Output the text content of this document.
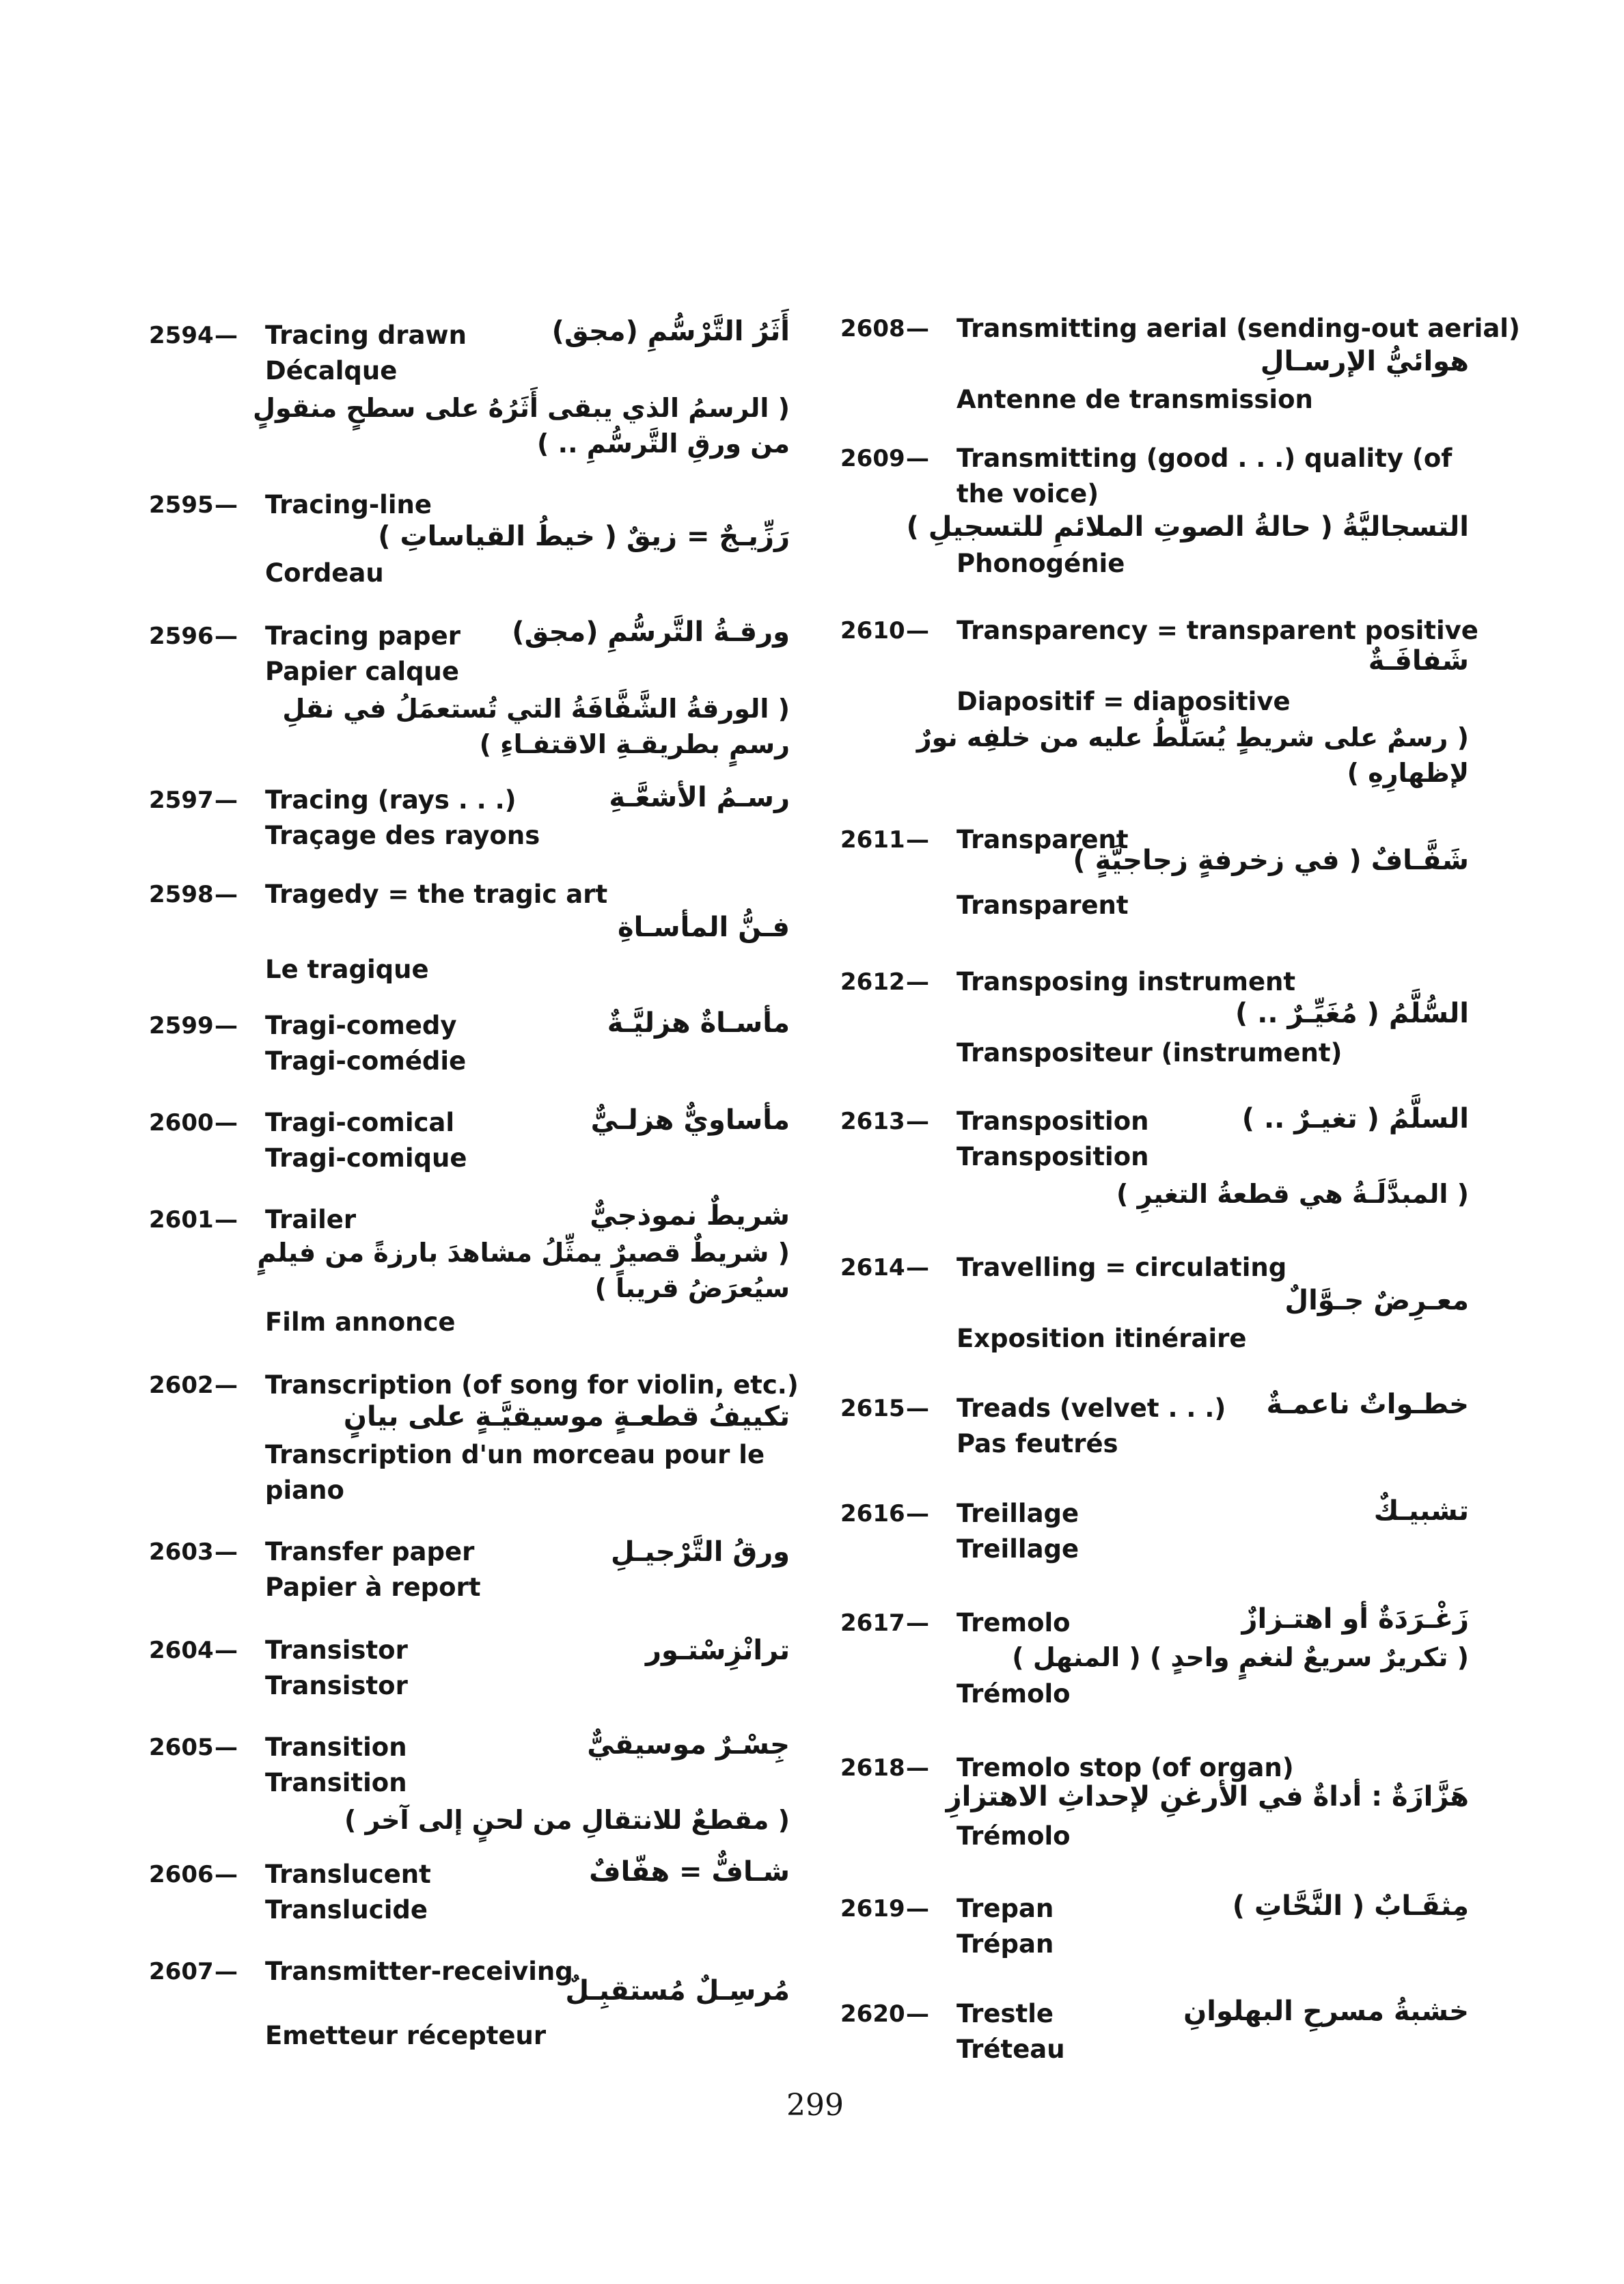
2594 — Tracing drawn	أَثَرُ التَّرْسُّمِ (مجق)
Décalque
( الرسمُ الذي يبقى أَثَرُهُ على سطحٍ منقولٍ من ورقِ التَّرسُّمِ .. )
2595 — Tracing-line
رَزِّيـجٌ = زيقٌ ( خيطُ القياساتِ )
Cordeau
2596 — Tracing paper ورقـةُ التَّرسُّمِ (مجق)
Papier calque
( الورقةُ الشَّفَّافَةُ التي تُستعمَلُ في نقلِ رسمٍ بطريقـةِ الاقتفـاءِ )
2597 — Tracing (rays . . .)	رسـمُ الأشعَّـةِ
Traçage des rayons
2598 — Tragedy = the tragic art
فـنُّ المأسـاةِ
Le tragique
2599 — Tragi-comedy	مأسـاةٌ هزليَّـةٌ
Tragi-comédie
2600 — Tragi-comical	مأساويٌّ هزلـيٌّ
Tragi-comique
2601 — Trailer	شريطٌ نموذجيٌّ
( شريطٌ قصيرٌ يمثِّلُ مشاهدَ بارزةً من فيلمٍ سيُعرَضُ قريباً )
Film annonce
2602 — Transcription (of song for violin, etc.)
تكييفُ قطعـةٍ موسيقيَّـةٍ على بيانٍ
Transcription d'un morceau pour le piano
2603 — Transfer paper	ورقُ التَّرْجيـلِ
Papier à report
2604 — Transistor	ترانْزِسْتـور
Transistor
2605 — Transition	جِسْـرٌ موسيقيٌّ
Transition
( مقطعٌ للانتقالِ من لحنٍ إلى آخر )
2606 — Translucent	شـافٌّ = هفّافٌ
Translucide
2607 — Transmitter-receiving
مُرسِـلٌ مُستقبِـلٌ
Emetteur récepteur
2608 — Transmitting aerial (sending-out aerial)
هوائيُّ الإرسـالِ
Antenne de transmission
2609 — Transmitting (good . . .) quality (of the voice)
التسجاليَّةُ ( حالةُ الصوتِ الملائمِ للتسجيلِ )
Phonogénie
2610 — Transparency = transparent positive
شَفافَـةٌ
Diapositif = diapositive
( رسمٌ على شريطٍ يُسَلَّطُ عليه من خلفِه نورٌ لإظهارِهِ )
2611 — Transparent
شَفَّـافٌ ( في زخرفةٍ زجاجيَّةٍ )
Transparent
2612 — Transposing instrument
السُّلَّمُ ( مُغَيِّـرٌ .. )
Transpositeur (instrument)
2613 — Transposition	السلَّمُ ( تغيـرٌ .. )
Transposition
( المبدَّلَـةُ هي قطعةُ التغيرِ )
2614 — Travelling = circulating
معـرِضٌ جـوَّالٌ
Exposition itinéraire
2615 — Treads (velvet . . .) خطـواتٌ ناعمـةٌ
Pas feutrés
2616 — Treillage	تشبيـكٌ
Treillage
2617 — Tremolo	زَغْـرَدَةٌ أو اهتـزازٌ
( تكريرٌ سريعٌ لنغمٍ واحدٍ ) ( المنهل )
Trémolo
2618 — Tremolo stop (of organ)
هَزَّازَةٌ : أداةٌ في الأرغنِ لإحداثِ الاهتزازِ
Trémolo
2619 — Trepan	مِثقَـابٌ ( النَّحَّاتِ )
Trépan
2620 — Trestle	خشبةُ مسرحِ البهلوانِ
Tréteau
299
